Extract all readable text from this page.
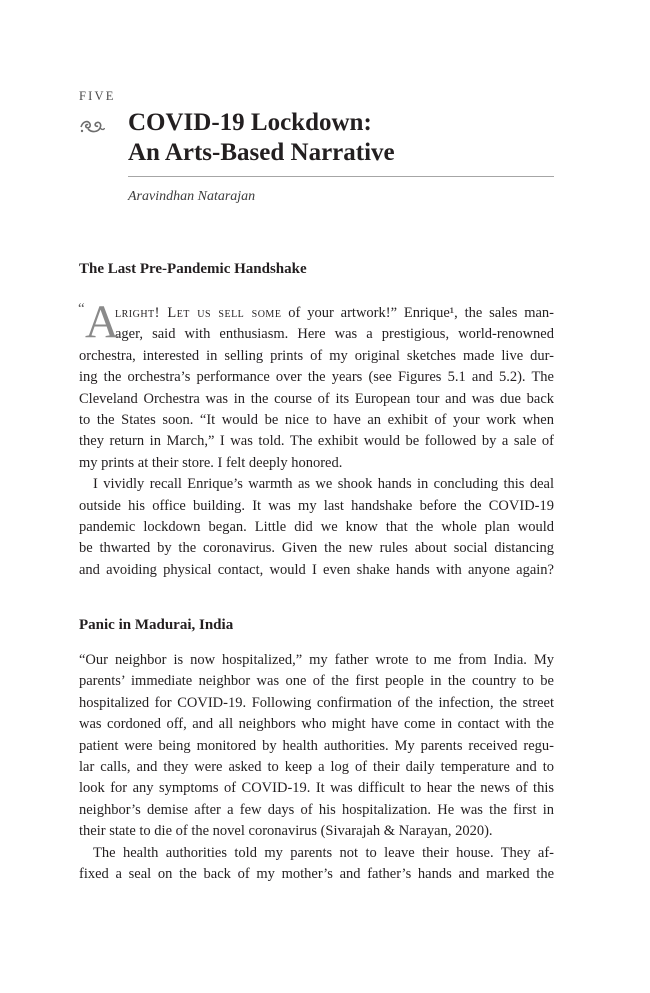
FIVE
COVID-19 Lockdown:
An Arts-Based Narrative
Aravindhan Natarajan
The Last Pre-Pandemic Handshake
“ A
lright! Let us sell some of your artwork!” Enrique¹, the sales man-
ager, said with enthusiasm. Here was a prestigious, world-renowned
orchestra, interested in selling prints of my original sketches made live dur-
ing the orchestra’s performance over the years (see Figures 5.1 and 5.2). The
Cleveland Orchestra was in the course of its European tour and was due back
to the States soon. “It would be nice to have an exhibit of your work when
they return in March,” I was told. The exhibit would be followed by a sale of
my prints at their store. I felt deeply honored.
I vividly recall Enrique’s warmth as we shook hands in concluding this deal
outside his office building. It was my last handshake before the COVID-19
pandemic lockdown began. Little did we know that the whole plan would
be thwarted by the coronavirus. Given the new rules about social distancing
and avoiding physical contact, would I even shake hands with anyone again?
Panic in Madurai, India
“Our neighbor is now hospitalized,” my father wrote to me from India. My
parents’ immediate neighbor was one of the first people in the country to be
hospitalized for COVID-19. Following confirmation of the infection, the street
was cordoned off, and all neighbors who might have come in contact with the
patient were being monitored by health authorities. My parents received regu-
lar calls, and they were asked to keep a log of their daily temperature and to
look for any symptoms of COVID-19. It was difficult to hear the news of this
neighbor’s demise after a few days of his hospitalization. He was the first in
their state to die of the novel coronavirus (Sivarajah & Narayan, 2020).
The health authorities told my parents not to leave their house. They af-
fixed a seal on the back of my mother’s and father’s hands and marked the
